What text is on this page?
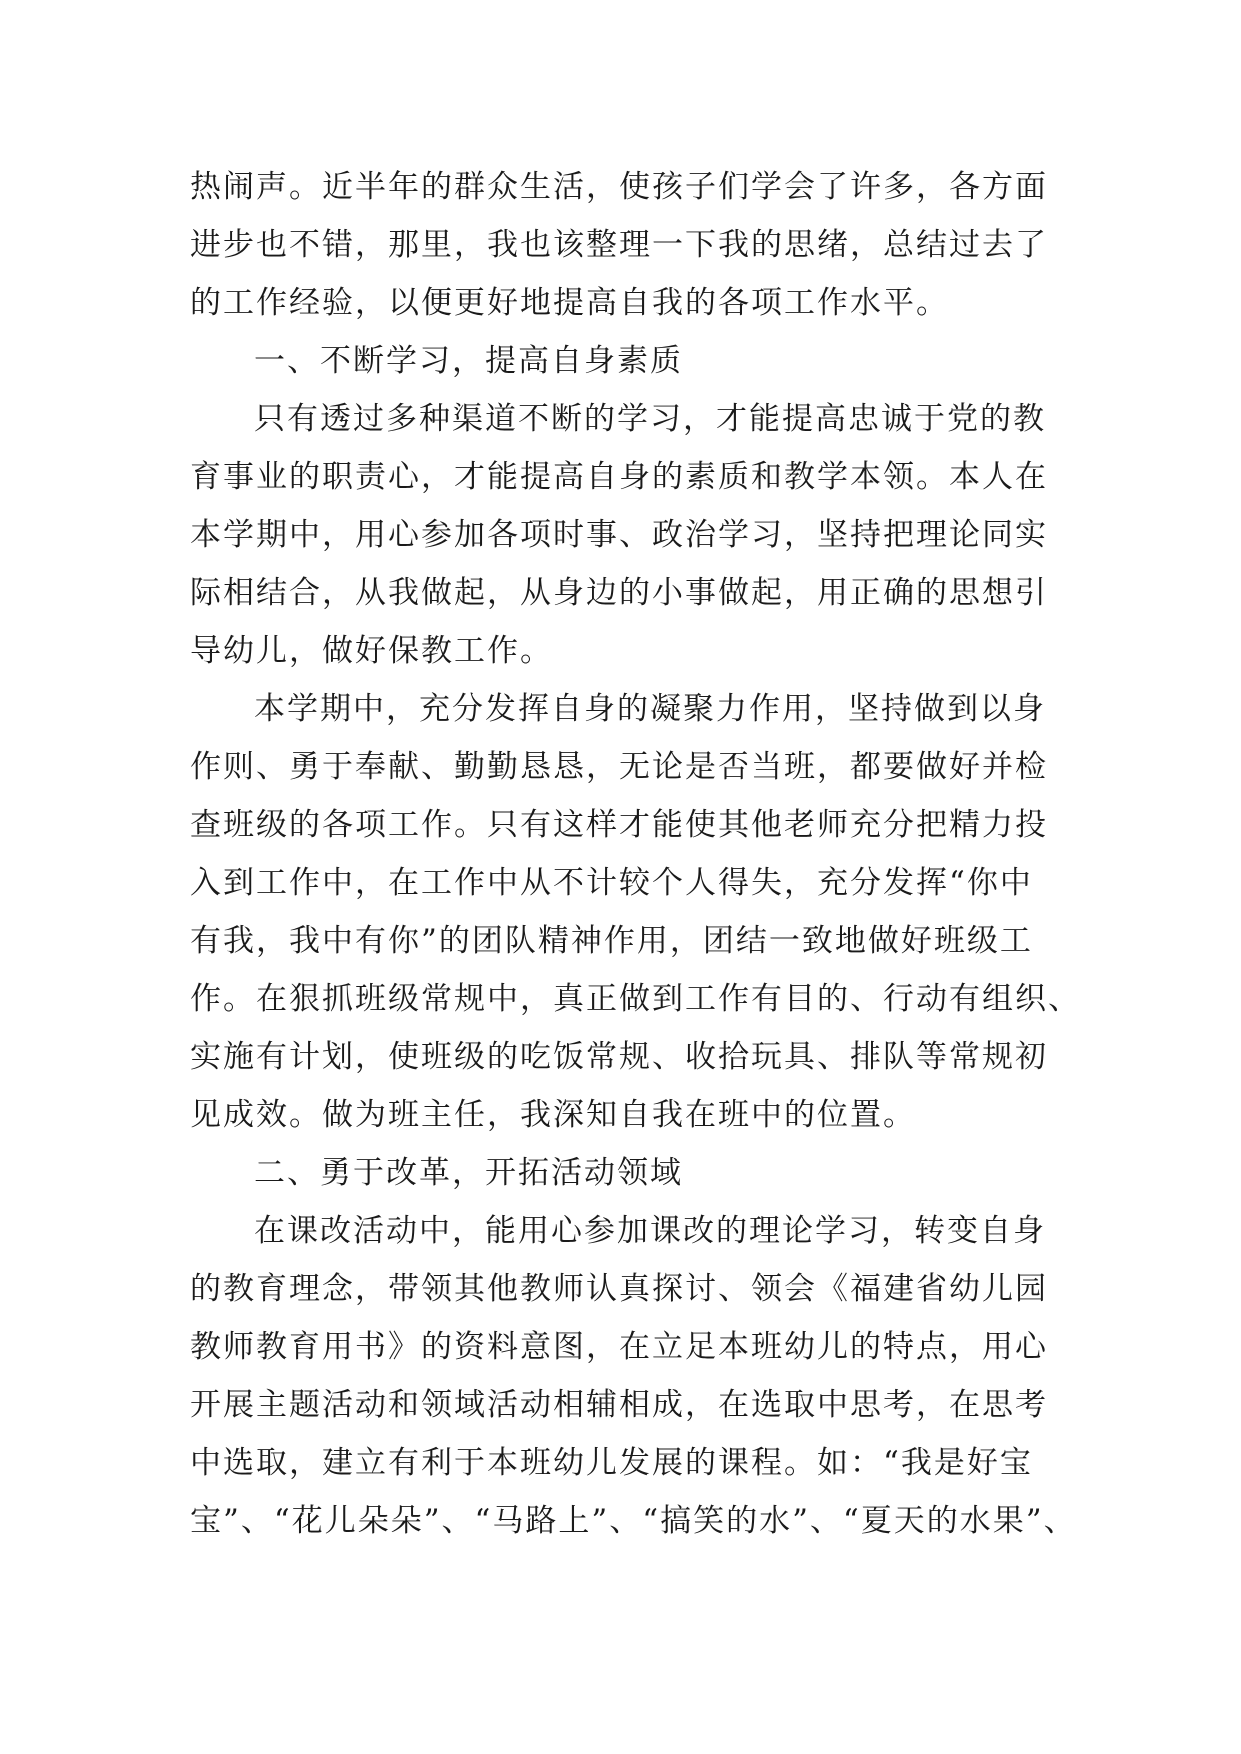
热闹声。近半年的群众生活，使孩子们学会了许多，各方面
进步也不错，那里，我也该整理一下我的思绪，总结过去了
的工作经验，以便更好地提高自我的各项工作水平。
一、不断学习，提高自身素质
只有透过多种渠道不断的学习，才能提高忠诚于党的教
育事业的职责心，才能提高自身的素质和教学本领。本人在
本学期中，用心参加各项时事、政治学习，坚持把理论同实
际相结合，从我做起，从身边的小事做起，用正确的思想引
导幼儿，做好保教工作。
本学期中，充分发挥自身的凝聚力作用，坚持做到以身
作则、勇于奉献、勤勤恳恳，无论是否当班，都要做好并检
查班级的各项工作。只有这样才能使其他老师充分把精力投
入到工作中，在工作中从不计较个人得失，充分发挥“你中
有我，我中有你”的团队精神作用，团结一致地做好班级工
作。在狠抓班级常规中，真正做到工作有目的、行动有组织、
实施有计划，使班级的吃饭常规、收拾玩具、排队等常规初
见成效。做为班主任，我深知自我在班中的位置。
二、勇于改革，开拓活动领域
在课改活动中，能用心参加课改的理论学习，转变自身
的教育理念，带领其他教师认真探讨、领会《福建省幼儿园
教师教育用书》的资料意图，在立足本班幼儿的特点，用心
开展主题活动和领域活动相辅相成，在选取中思考，在思考
中选取，建立有利于本班幼儿发展的课程。如：“我是好宝
宝”、“花儿朵朵”、“马路上”、“搞笑的水”、“夏天的水果”、
